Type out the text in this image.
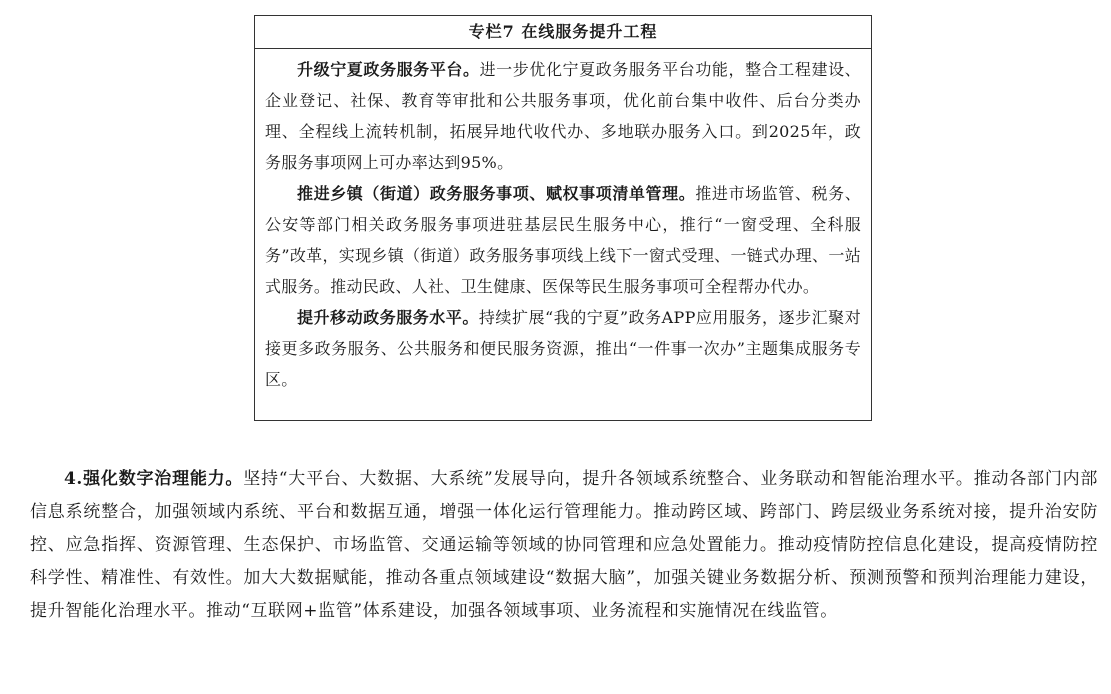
专栏7 在线服务提升工程

升级宁夏政务服务平台。进一步优化宁夏政务服务平台功能，整合工程建设、企业登记、社保、教育等审批和公共服务事项，优化前台集中收件、后台分类办理、全程线上流转机制，拓展异地代收代办、多地联办服务入口。到2025年，政务服务事项网上可办率达到95%。

推进乡镇（街道）政务服务事项、赋权事项清单管理。推进市场监管、税务、公安等部门相关政务服务事项进驻基层民生服务中心，推行“一窗受理、全科服务”改革，实现乡镇（街道）政务服务事项线上线下一窗式受理、一链式办理、一站式服务。推动民政、人社、卫生健康、医保等民生服务事项可全程帮办代办。

提升移动政务服务水平。持续扩展“我的宁夏”政务APP应用服务，逐步汇聚对接更多政务服务、公共服务和便民服务资源，推出“一件事一次办”主题集成服务专区。

4.强化数字治理能力。坚持“大平台、大数据、大系统”发展导向，提升各领域系统整合、业务联动和智能治理水平。推动各部门内部信息系统整合，加强领域内系统、平台和数据互通，增强一体化运行管理能力。推动跨区域、跨部门、跨层级业务系统对接，提升治安防控、应急指挥、资源管理、生态保护、市场监管、交通运输等领域的协同管理和应急处置能力。推动疫情防控信息化建设，提高疫情防控科学性、精准性、有效性。加大大数据赋能，推动各重点领域建设“数据大脑”，加强关键业务数据分析、预测预警和预判治理能力建设，提升智能化治理水平。推动“互联网+监管”体系建设，加强各领域事项、业务流程和实施情况在线监管。
